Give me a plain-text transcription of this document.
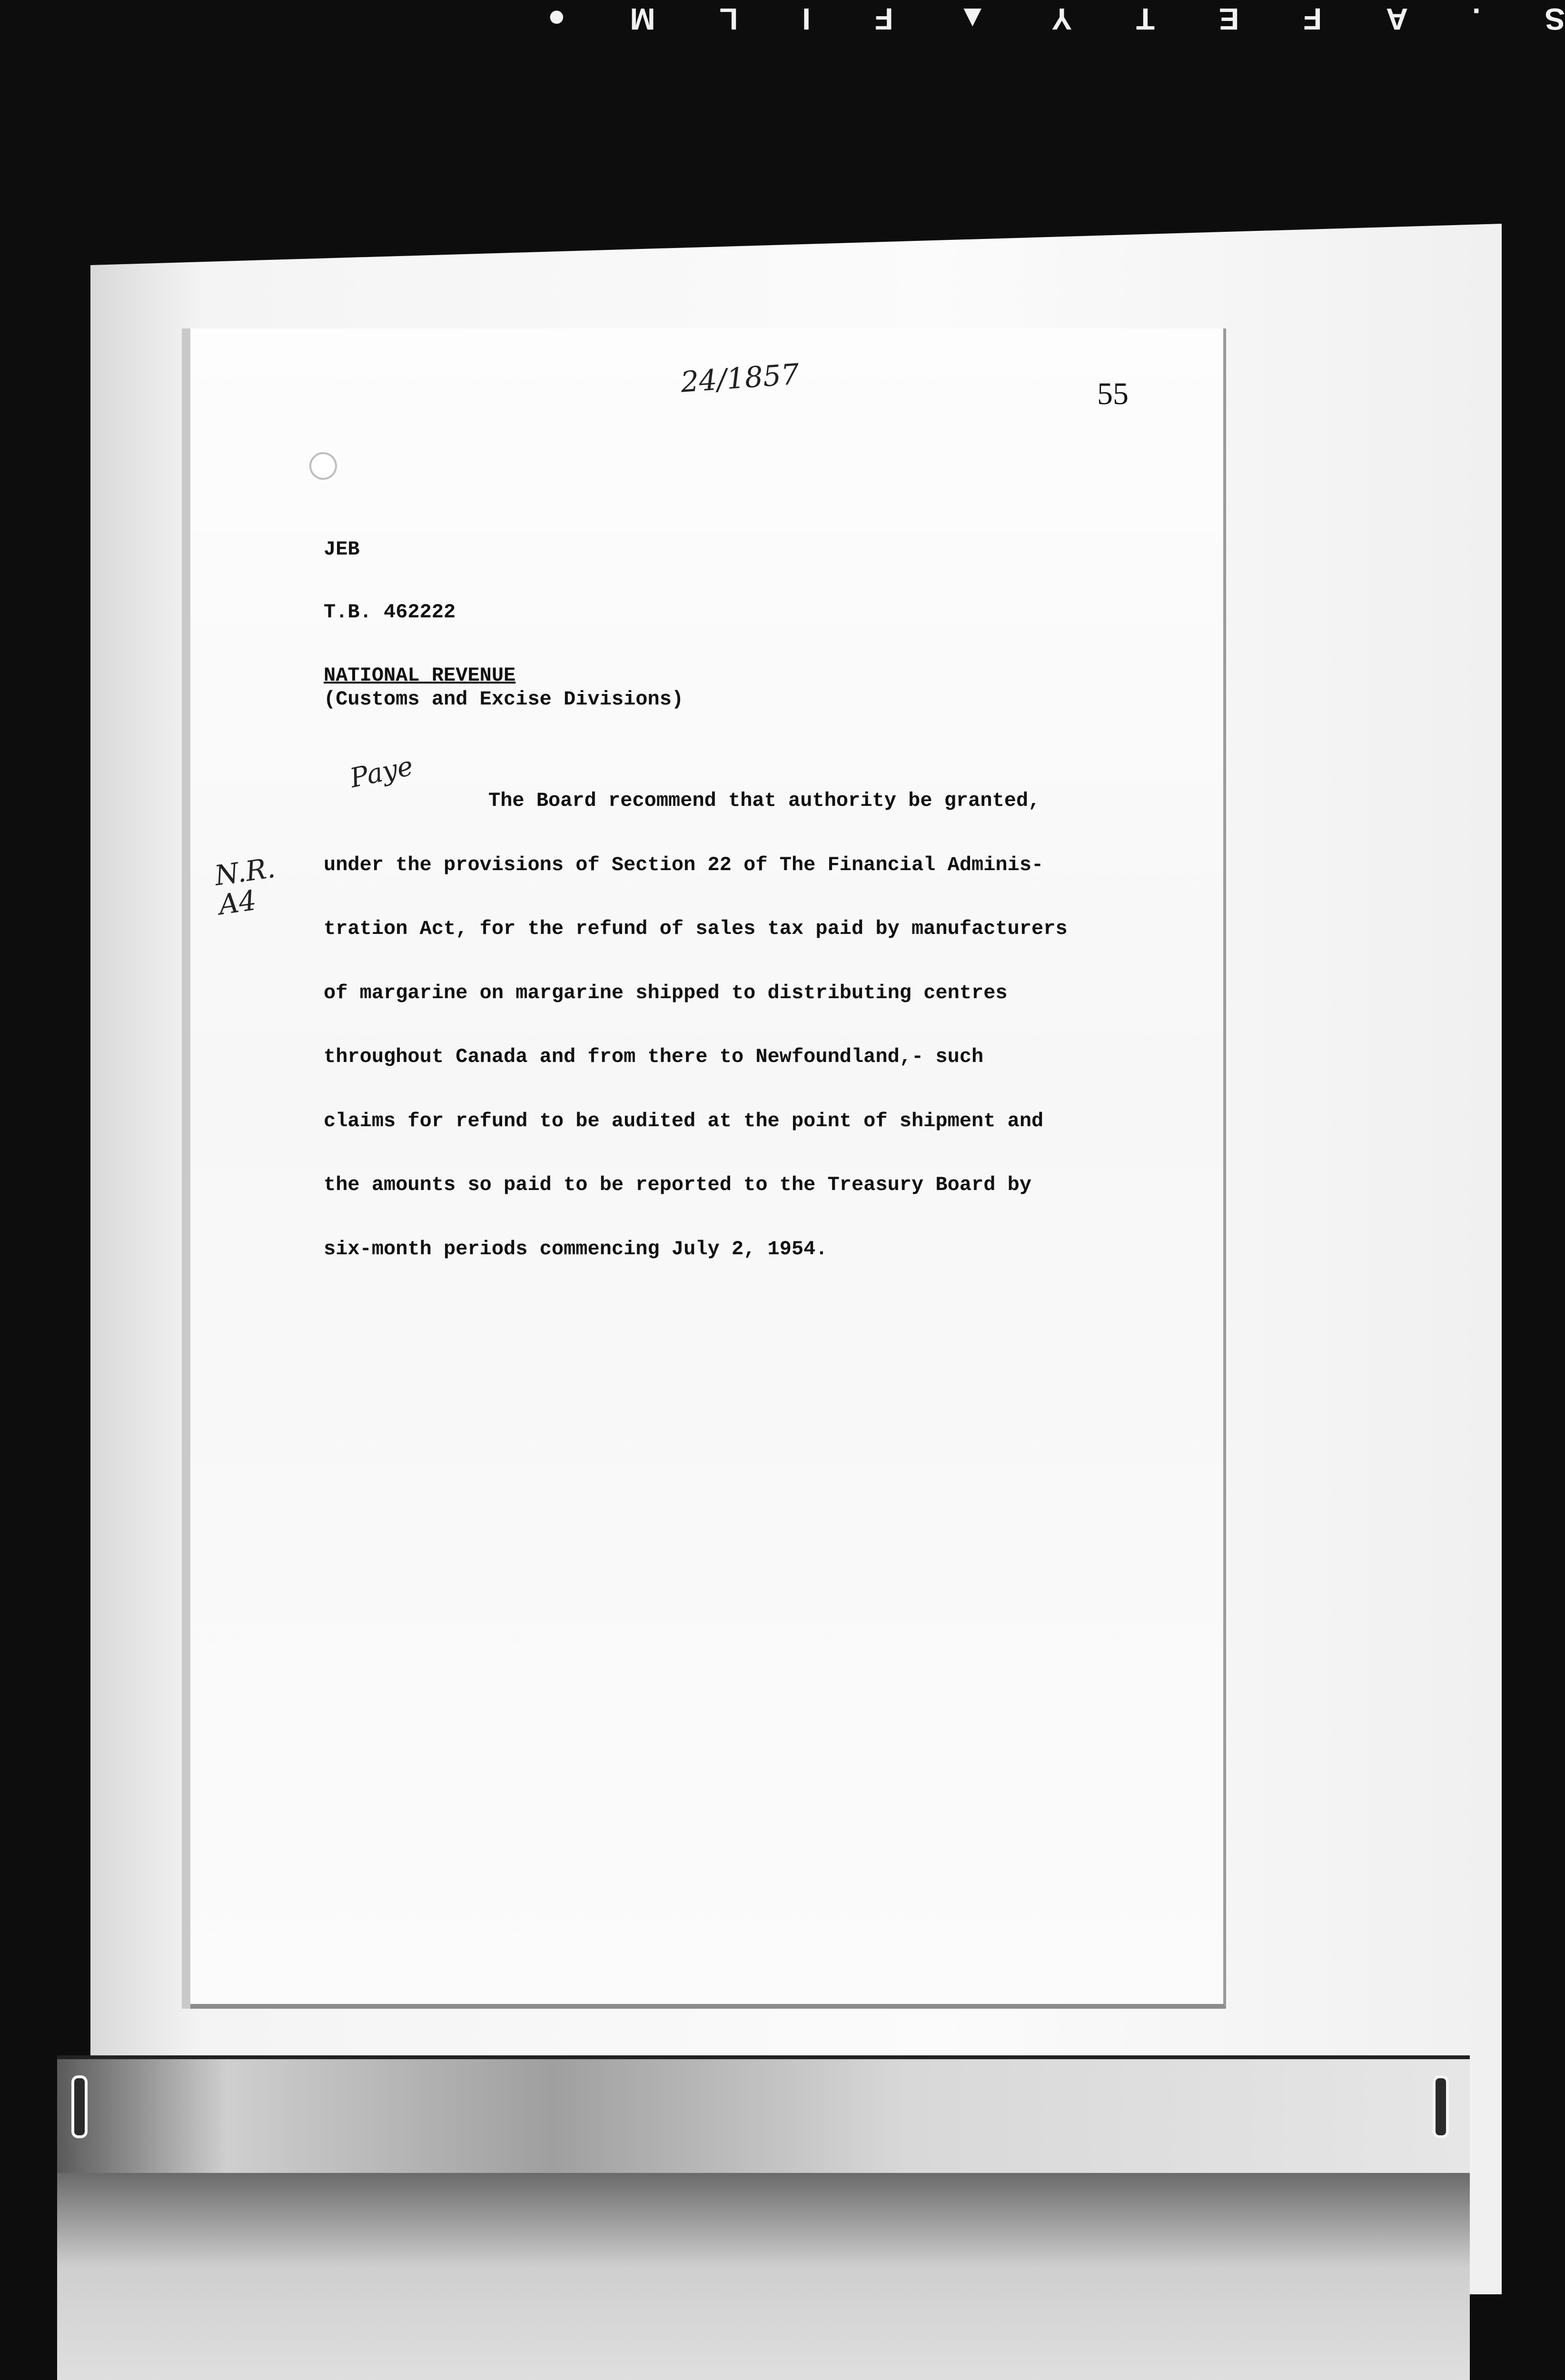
S
.
A
F
E
T
Y
▲
F
I
L
M
●
24/1857	55
JEB
T.B. 462222
NATIONAL REVENUE
(Customs and Excise Divisions)
Paye
N.R.
A4
The Board recommend that authority be granted,
under the provisions of Section 22 of The Financial Adminis-
tration Act, for the refund of sales tax paid by manufacturers
of margarine on margarine shipped to distributing centres
throughout Canada and from there to Newfoundland,- such
claims for refund to be audited at the point of shipment and
the amounts so paid to be reported to the Treasury Board by
six-month periods commencing July 2, 1954.
